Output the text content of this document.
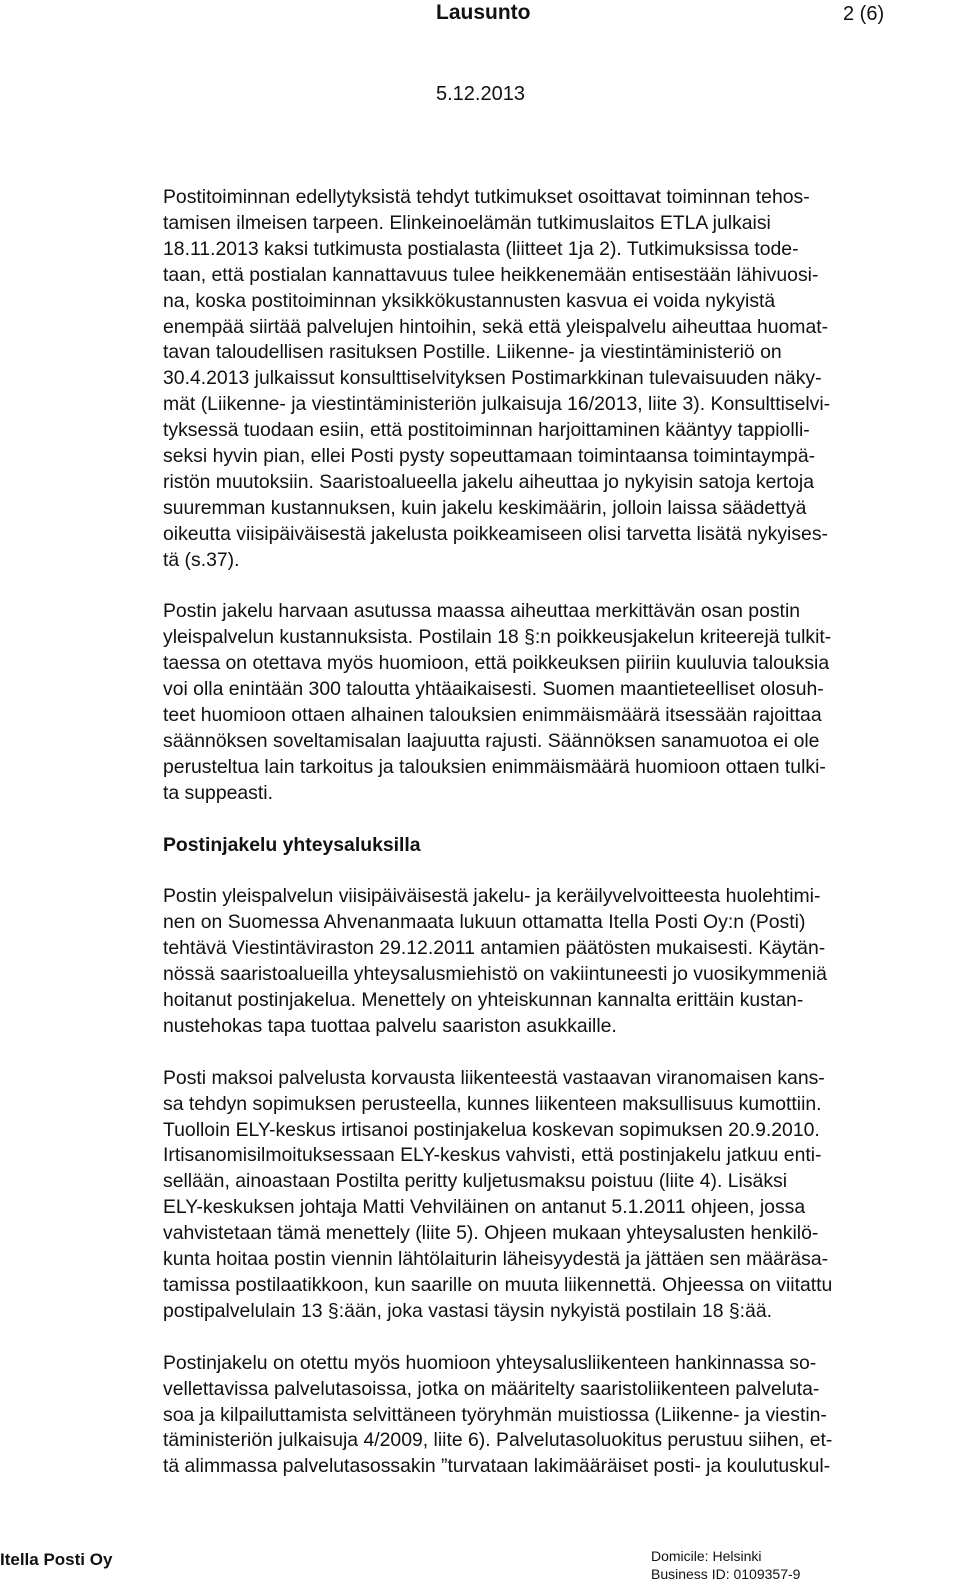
Lausunto	2 (6)
5.12.2013
Postitoiminnan edellytyksistä tehdyt tutkimukset osoittavat toiminnan tehos-
tamisen ilmeisen tarpeen. Elinkeinoelämän tutkimuslaitos ETLA julkaisi
18.11.2013 kaksi tutkimusta postialasta (liitteet 1ja 2). Tutkimuksissa tode-
taan, että postialan kannattavuus tulee heikkenemään entisestään lähivuosi-
na, koska postitoiminnan yksikkökustannusten kasvua ei voida nykyistä
enempää siirtää palvelujen hintoihin, sekä että yleispalvelu aiheuttaa huomat-
tavan taloudellisen rasituksen Postille. Liikenne- ja viestintäministeriö on
30.4.2013 julkaissut konsulttiselvityksen Postimarkkinan tulevaisuuden näky-
mät (Liikenne- ja viestintäministeriön julkaisuja 16/2013, liite 3). Konsulttiselvi-
tyksessä tuodaan esiin, että postitoiminnan harjoittaminen kääntyy tappiolli-
seksi hyvin pian, ellei Posti pysty sopeuttamaan toimintaansa toimintaympä-
ristön muutoksiin. Saaristoalueella jakelu aiheuttaa jo nykyisin satoja kertoja
suuremman kustannuksen, kuin jakelu keskimäärin, jolloin laissa säädettyä
oikeutta viisipäiväisestä jakelusta poikkeamiseen olisi tarvetta lisätä nykyises-
tä (s.37).
Postin jakelu harvaan asutussa maassa aiheuttaa merkittävän osan postin
yleispalvelun kustannuksista. Postilain 18 §:n poikkeusjakelun kriteerejä tulkit-
taessa on otettava myös huomioon, että poikkeuksen piiriin kuuluvia talouksia
voi olla enintään 300 taloutta yhtäaikaisesti. Suomen maantieteelliset olosuh-
teet huomioon ottaen alhainen talouksien enimmäismäärä itsessään rajoittaa
säännöksen soveltamisalan laajuutta rajusti. Säännöksen sanamuotoa ei ole
perusteltua lain tarkoitus ja talouksien enimmäismäärä huomioon ottaen tulki-
ta suppeasti.
Postinjakelu yhteysaluksilla
Postin yleispalvelun viisipäiväisestä jakelu- ja keräilyvelvoitteesta huolehtimi-
nen on Suomessa Ahvenanmaata lukuun ottamatta Itella Posti Oy:n (Posti)
tehtävä Viestintäviraston 29.12.2011 antamien päätösten mukaisesti. Käytän-
nössä saaristoalueilla yhteysalusmiehistö on vakiintuneesti jo vuosikymmeniä
hoitanut postinjakelua. Menettely on yhteiskunnan kannalta erittäin kustan-
nustehokas tapa tuottaa palvelu saariston asukkaille.
Posti maksoi palvelusta korvausta liikenteestä vastaavan viranomaisen kans-
sa tehdyn sopimuksen perusteella, kunnes liikenteen maksullisuus kumottiin.
Tuolloin ELY-keskus irtisanoi postinjakelua koskevan sopimuksen 20.9.2010.
Irtisanomisilmoituksessaan ELY-keskus vahvisti, että postinjakelu jatkuu enti-
sellään, ainoastaan Postilta peritty kuljetusmaksu poistuu (liite 4). Lisäksi
ELY-keskuksen johtaja Matti Vehviläinen on antanut 5.1.2011 ohjeen, jossa
vahvistetaan tämä menettely (liite 5). Ohjeen mukaan yhteysalusten henkilö-
kunta hoitaa postin viennin lähtölaiturin läheisyydestä ja jättäen sen määräsa-
tamissa postilaatikkoon, kun saarille on muuta liikennettä. Ohjeessa on viitattu
postipalvelulain 13 §:ään, joka vastasi täysin nykyistä postilain 18 §:ää.
Postinjakelu on otettu myös huomioon yhteysalusliikenteen hankinnassa so-
vellettavissa palvelutasoissa, jotka on määritelty saaristoliikenteen palveluta-
soa ja kilpailuttamista selvittäneen työryhmän muistiossa (Liikenne- ja viestin-
täministeriön julkaisuja 4/2009, liite 6). Palvelutasoluokitus perustuu siihen, et-
tä alimmassa palvelutasossakin ”turvataan lakimääräiset posti- ja koulutuskul-
Itella Posti Oy	Domicile: Helsinki
Business ID: 0109357-9
